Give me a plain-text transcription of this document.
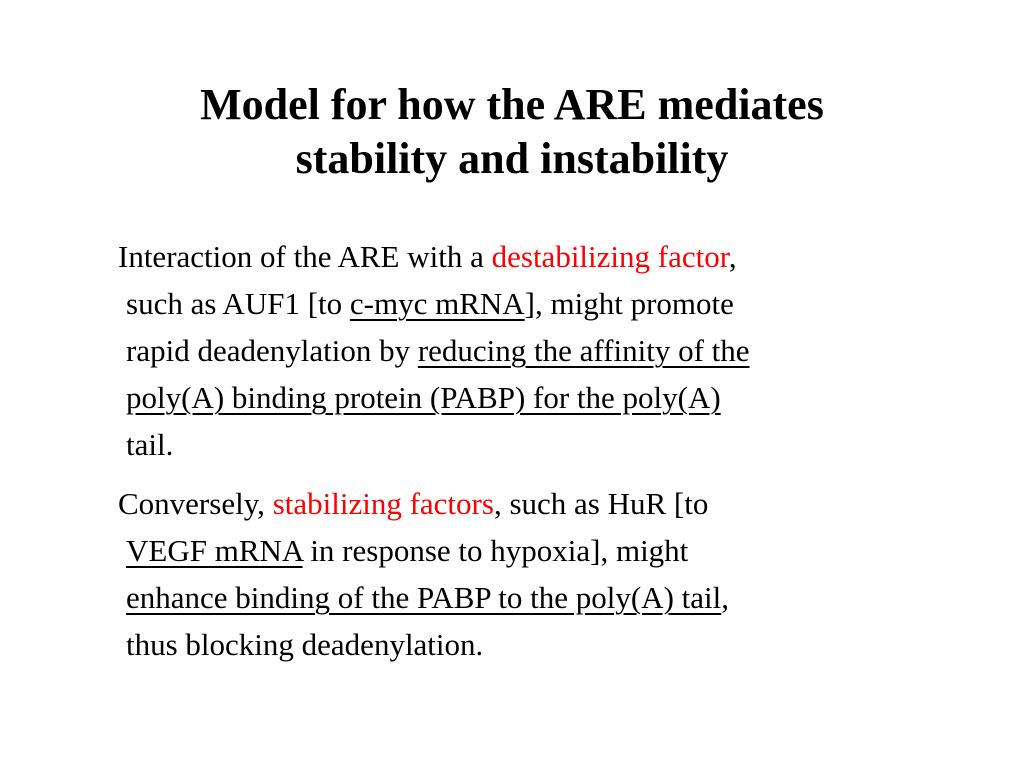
Model for how the ARE mediates
stability and instability

Interaction of the ARE with a destabilizing factor,
such as AUF1 [to c-myc mRNA], might promote
rapid deadenylation by reducing the affinity of the
poly(A) binding protein (PABP) for the poly(A)
tail.

Conversely, stabilizing factors, such as HuR [to
VEGF mRNA in response to hypoxia], might
enhance binding of the PABP to the poly(A) tail,
thus blocking deadenylation.
